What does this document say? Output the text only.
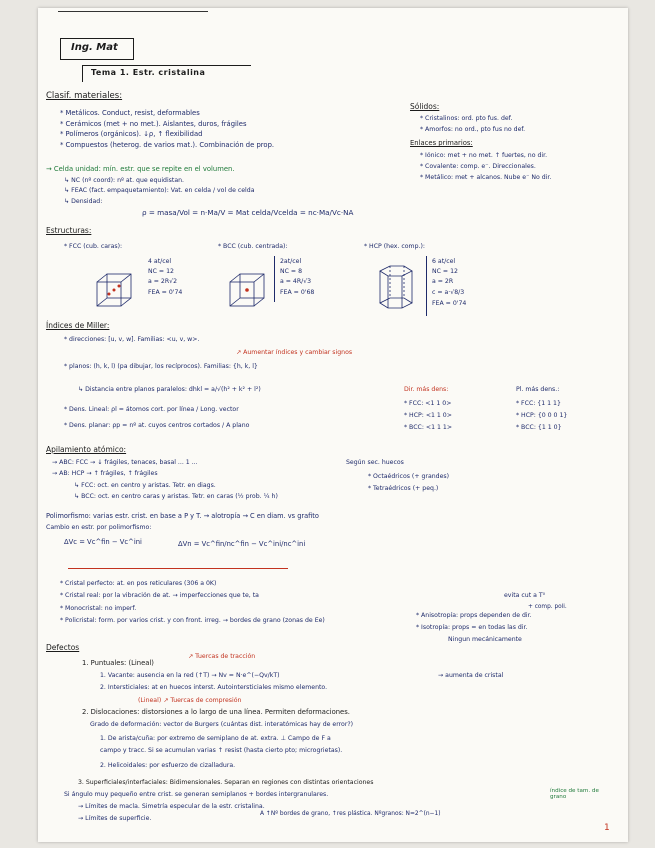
Ing. Mat
Tema 1. Estr. cristalina
Clasif. materiales:
* Metálicos. Conduct, resist, deformables
* Cerámicos (met + no met.). Aislantes, duros, frágiles
* Polímeros (orgánicos). ↓ρ, ↑ flexibilidad
* Compuestos (heterog. de varios mat.). Combinación de prop.
Sólidos:
* Cristalinos: ord. pto fus. def.
* Amorfos: no ord., pto fus no def.
Enlaces primarios:
* Iónico: met + no met. ↑ fuertes, no dir.
* Covalente: comp. e⁻. Direccionales.
* Metálico: met + alcanos. Nube e⁻ No dir.
→ Celda unidad: mín. estr. que se repite en el volumen.
↳ NC (nº coord): nº at. que equidistan.
↳ FEAC (fact. empaquetamiento): Vat. en celda / vol de celda
↳ Densidad:
ρ = masa/Vol = n·Ma/V = Mat celda/Vcelda = nc·Ma/Vc·NA
Estructuras:
* FCC (cub. caras):
4 at/cel
NC = 12
a = 2R√2
FEA = 0'74
* BCC (cub. centrada):
2at/cel
NC = 8
a = 4R/√3
FEA = 0'68
* HCP (hex. comp.):
6 at/cel
NC = 12
a = 2R
c = a·√8/3
FEA = 0'74
Índices de Miller:
* direcciones: [u, v, w]. Familias: <u, v, w>.
↗ Aumentar índices y cambiar signos
* planos: (h, k, l) (pa dibujar, los recíprocos). Familias: {h, k, l}
↳ Distancia entre planos paralelos: dhkl = a/√(h² + k² + l²)
* Dens. Lineal: ρl = átomos cort. por línea / Long. vector
* Dens. planar: ρp = nº at. cuyos centros cortados / A plano
Dir. más dens:
* FCC: <1 1 0>
* HCP: <1 1 0>
* BCC: <1 1 1>
Pl. más dens.:
* FCC: {1 1 1}
* HCP: {0 0 0 1}
* BCC: {1 1 0}
Apilamiento atómico:
→ ABC: FCC → ↓ frágiles, tenaces, basal ... 1 ...
→ AB: HCP → ↑ frágiles, ↑ frágiles
Según sec. huecos
* Octaédricos (+ grandes)
* Tetraédricos (+ peq.)
↳ FCC: oct. en centro y aristas. Tetr. en diags.
↳ BCC: oct. en centro caras y aristas. Tetr. en caras (½ prob. ¼ h)
Polimorfismo: varias estr. crist. en base a P y T. → alotropía → C en diam. vs grafito
Cambio en estr. por polimorfismo:
ΔVc = Vc^fin − Vc^ini	ΔVn = Vc^fin/nc^fin − Vc^ini/nc^ini
* Cristal perfecto: at. en pos reticulares (306 a 0K)
* Cristal real: por la vibración de at. → imperfecciones que te, ta	evita cut a T⁰
* Monocristal: no imperf.
* Policristal: form. por varios crist. y con front. irreg. → bordes de grano (zonas de Ee)
* Anisotropía: props dependen de dir.
* Isotropía: props = en todas las dir.
+ comp. poli.
Ningun mecánicamente
Defectos
1. Puntuales: (Lineal)
↗ Tuercas de tracción
1. Vacante: ausencia en la red (↑T) → Nv = N·e^(−Qv/kT)	→ aumenta de cristal
2. Intersticiales: at en huecos interst. Autointersticiales mismo elemento.
(Lineal) ↗ Tuercas de compresión
2. Dislocaciones: distorsiones a lo largo de una línea. Permiten deformaciones.
Grado de deformación: vector de Burgers (cuántas dist. interatómicas hay de error?)
1. De arista/cuña: por extremo de semiplano de at. extra. ⊥ Campo de F a
campo y tracc. Si se acumulan varias ↑ resist (hasta cierto pto; microgrietas).
2. Helicoidales: por esfuerzo de cizalladura.
3. Superficiales/interfaciales: Bidimensionales. Separan en regiones con distintas orientaciones
Si ángulo muy pequeño entre crist. se generan semiplanos + bordes intergranulares.
→ Límites de macla. Simetría especular de la estr. cristalina.
→ Límites de superficie.
A ↑Nº bordes de grano, ↑res plástica. Nºgranos: N=2^(n−1)
índice de tam. de grano
1
